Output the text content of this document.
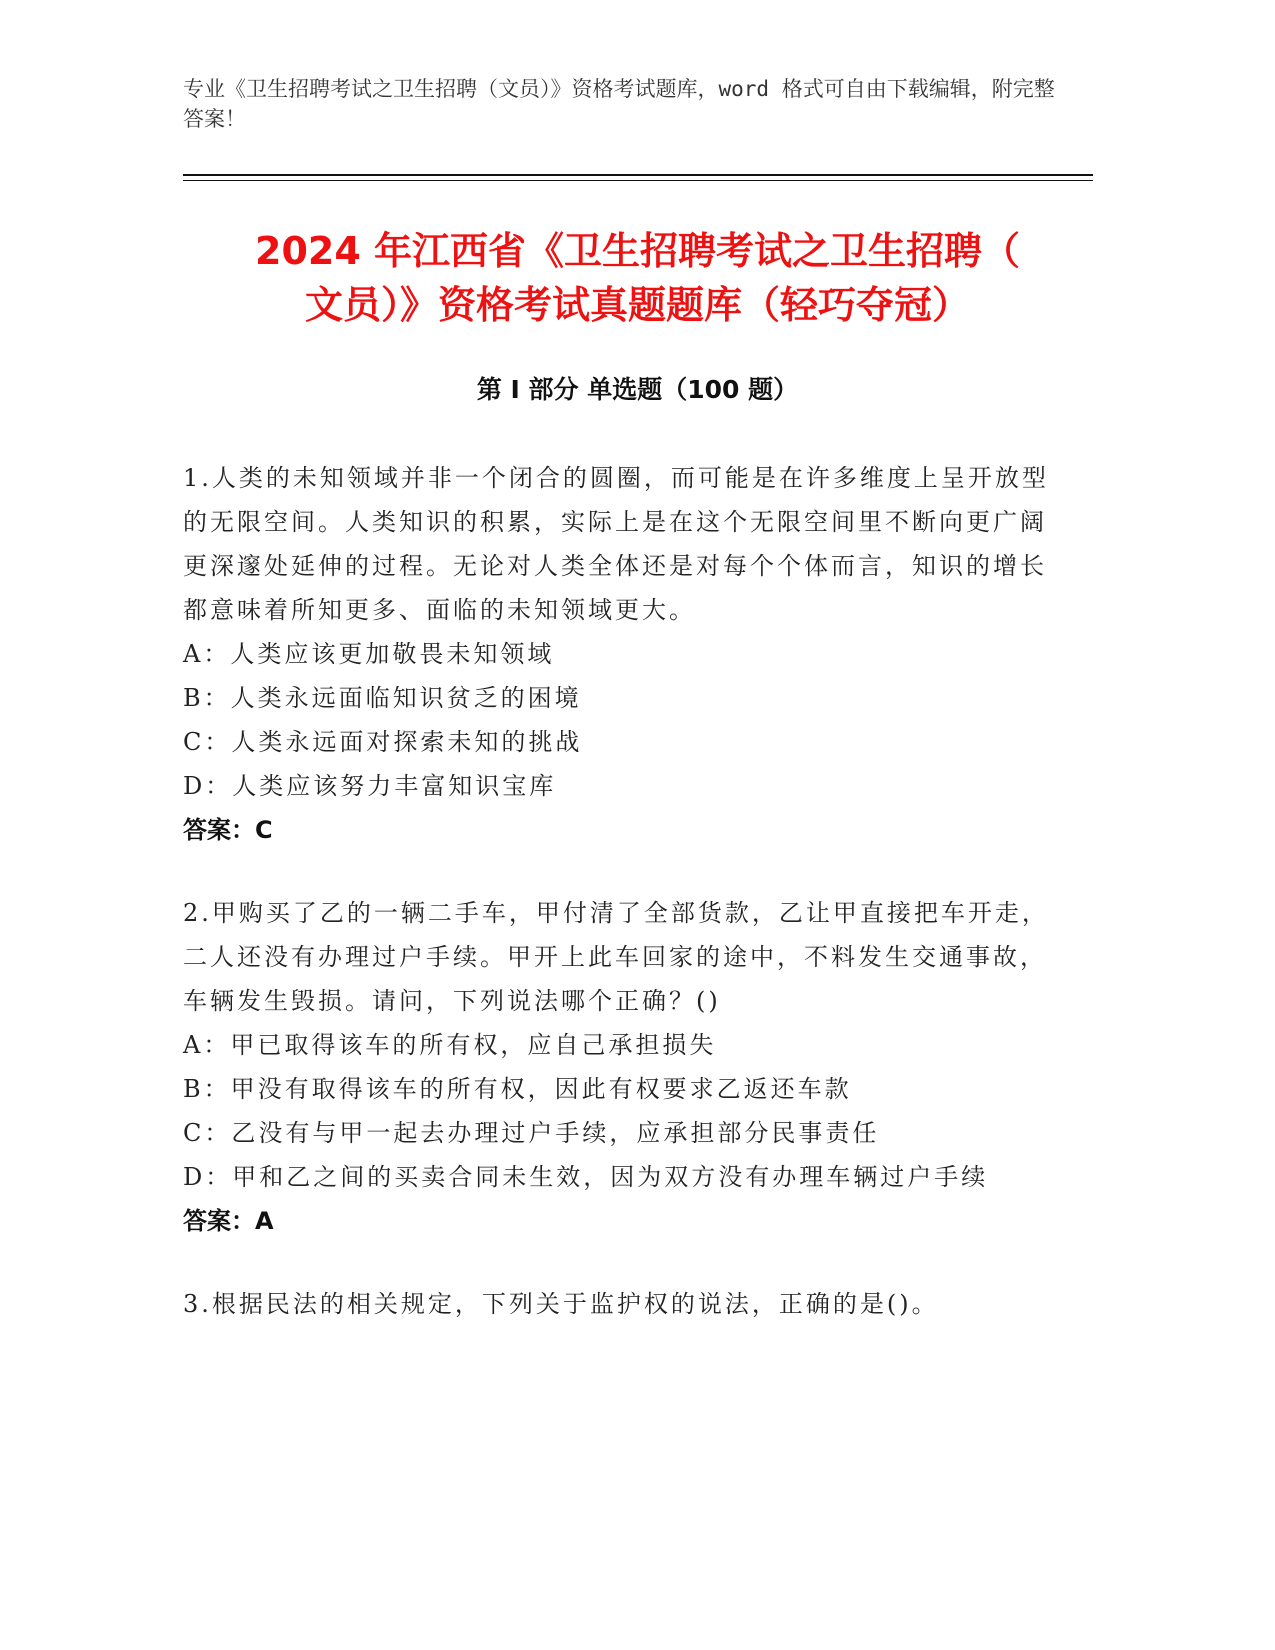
专业《卫生招聘考试之卫生招聘（文员）》资格考试题库，word 格式可自由下载编辑，附完整答案！
2024 年江西省《卫生招聘考试之卫生招聘（
文员）》资格考试真题题库（轻巧夺冠）
第 I 部分 单选题（100 题）
1.人类的未知领域并非一个闭合的圆圈，而可能是在许多维度上呈开放型的无限空间。人类知识的积累，实际上是在这个无限空间里不断向更广阔更深邃处延伸的过程。无论对人类全体还是对每个个体而言，知识的增长都意味着所知更多、面临的未知领域更大。
A：人类应该更加敬畏未知领域
B：人类永远面临知识贫乏的困境
C：人类永远面对探索未知的挑战
D：人类应该努力丰富知识宝库
答案：C
2.甲购买了乙的一辆二手车，甲付清了全部货款，乙让甲直接把车开走，二人还没有办理过户手续。甲开上此车回家的途中，不料发生交通事故，车辆发生毁损。请问，下列说法哪个正确？()
A：甲已取得该车的所有权，应自己承担损失
B：甲没有取得该车的所有权，因此有权要求乙返还车款
C：乙没有与甲一起去办理过户手续，应承担部分民事责任
D：甲和乙之间的买卖合同未生效，因为双方没有办理车辆过户手续
答案：A
3.根据民法的相关规定，下列关于监护权的说法，正确的是()。
